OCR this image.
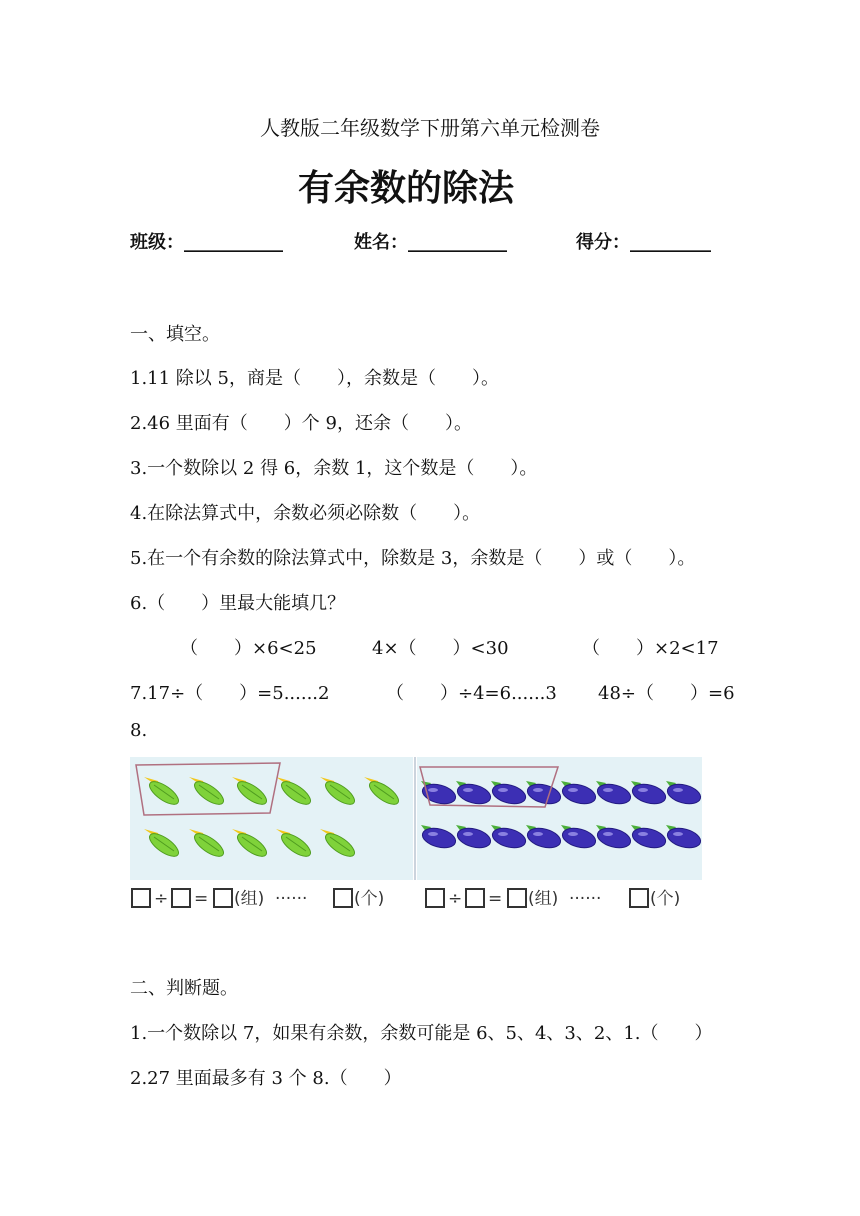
人教版二年级数学下册第六单元检测卷
有余数的除法
班级：___________	姓名：___________	得分：_________
一、填空。
1.11 除以 5，商是（　　），余数是（　　）。
2.46 里面有（　　）个 9，还余（　　）。
3.一个数除以 2 得 6，余数 1，这个数是（　　）。
4.在除法算式中，余数必须必除数（　　）。
5.在一个有余数的除法算式中，除数是 3，余数是（　　）或（　　）。
6.（　　）里最大能填几？
（　　）×6<25	4×（　　）<30	（　　）×2<17
7.17÷（　　）=5......2	（　　）÷4=6......3 48÷（　　）=6
8.
÷ = (组) ······	(个)	÷ = (组) ······	(个)
二、判断题。
1.一个数除以 7，如果有余数，余数可能是 6、5、4、3、2、1.（　　）
2.27 里面最多有 3 个 8.（　　）
